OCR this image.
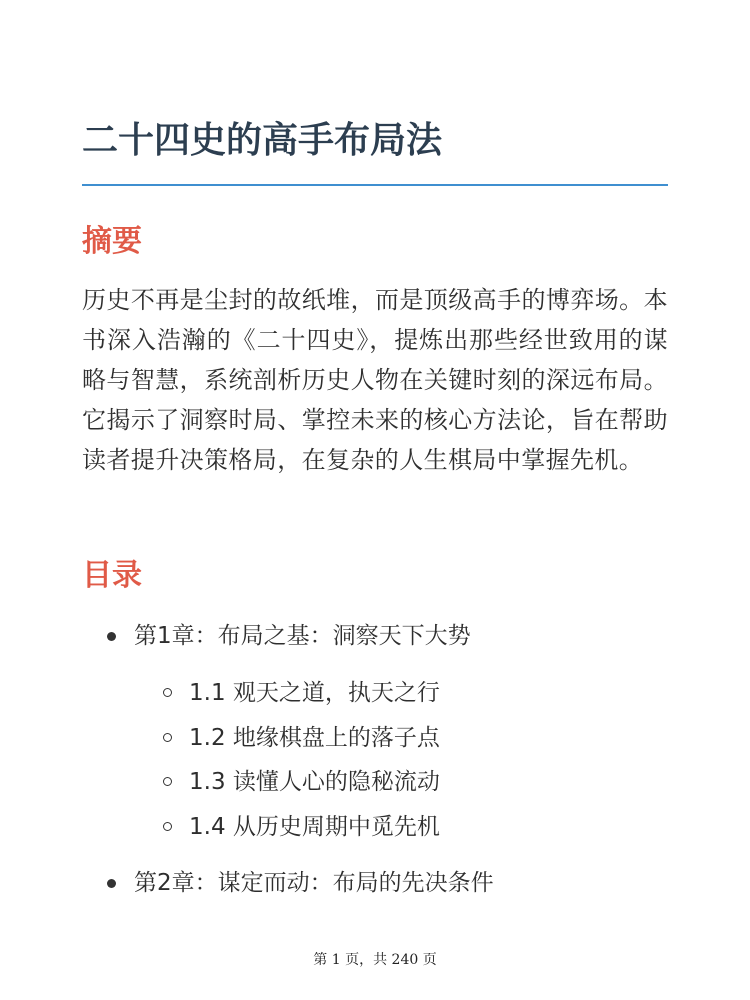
二十四史的高手布局法
摘要

历史不再是尘封的故纸堆，而是顶级高手的博弈场。本书深入浩瀚的《二十四史》，提炼出那些经世致用的谋略与智慧，系统剖析历史人物在关键时刻的深远布局。它揭示了洞察时局、掌控未来的核心方法论，旨在帮助读者提升决策格局，在复杂的人生棋局中掌握先机。

目录
第1章：布局之基：洞察天下大势
1.1 观天之道，执天之行
1.2 地缘棋盘上的落子点
1.3 读懂人心的隐秘流动
1.4 从历史周期中觅先机
第2章：谋定而动：布局的先决条件
第 1 页，共 240 页
